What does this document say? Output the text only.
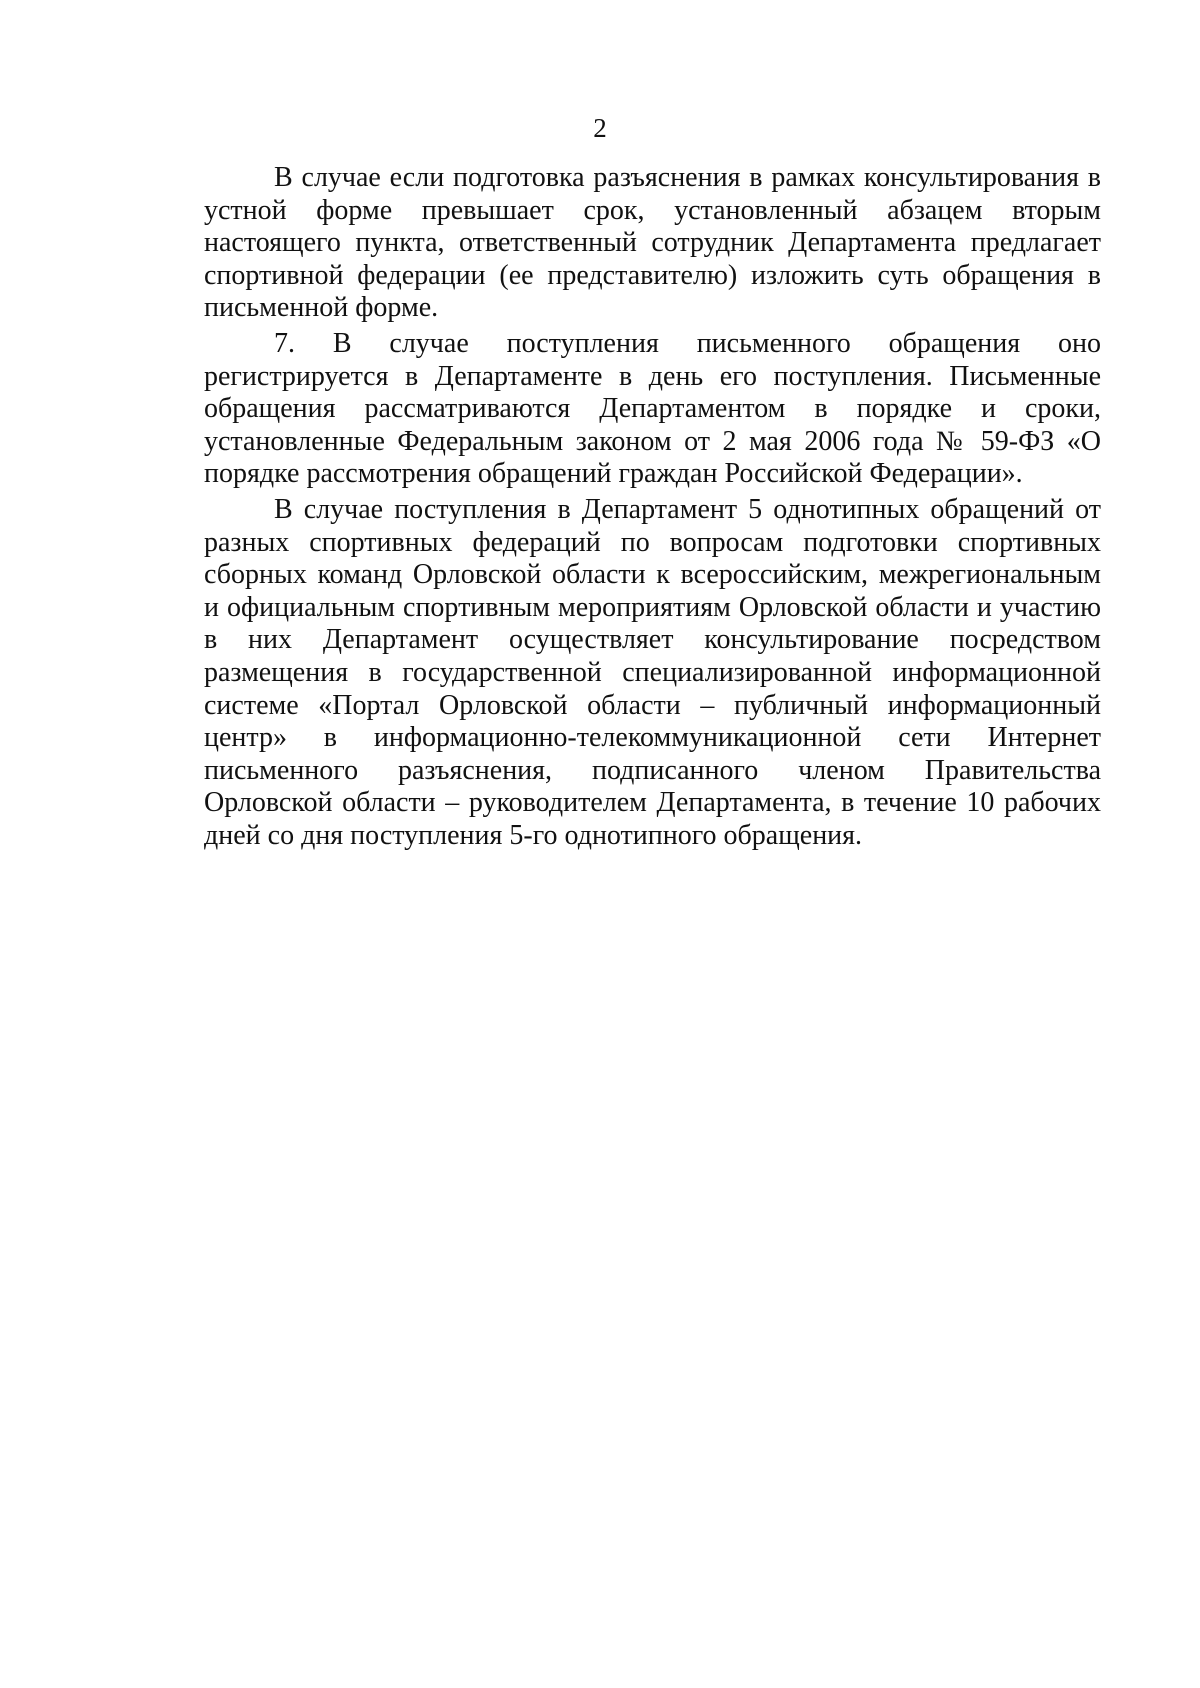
2

В случае если подготовка разъяснения в рамках консультирования в устной форме превышает срок, установленный абзацем вторым настоящего пункта, ответственный сотрудник Департамента предлагает спортивной федерации (ее представителю) изложить суть обращения в письменной форме.

7. В случае поступления письменного обращения оно регистрируется в Департаменте в день его поступления. Письменные обращения рассматриваются Департаментом в порядке и сроки, установленные Федеральным законом от 2 мая 2006 года № 59-ФЗ «О порядке рассмотрения обращений граждан Российской Федерации».

В случае поступления в Департамент 5 однотипных обращений от разных спортивных федераций по вопросам подготовки спортивных сборных команд Орловской области к всероссийским, межрегиональным и официальным спортивным мероприятиям Орловской области и участию в них Департамент осуществляет консультирование посредством размещения в государственной специализированной информационной системе «Портал Орловской области – публичный информационный центр» в информационно-телекоммуникационной сети Интернет письменного разъяснения, подписанного членом Правительства Орловской области – руководителем Департамента, в течение 10 рабочих дней со дня поступления 5-го однотипного обращения.
